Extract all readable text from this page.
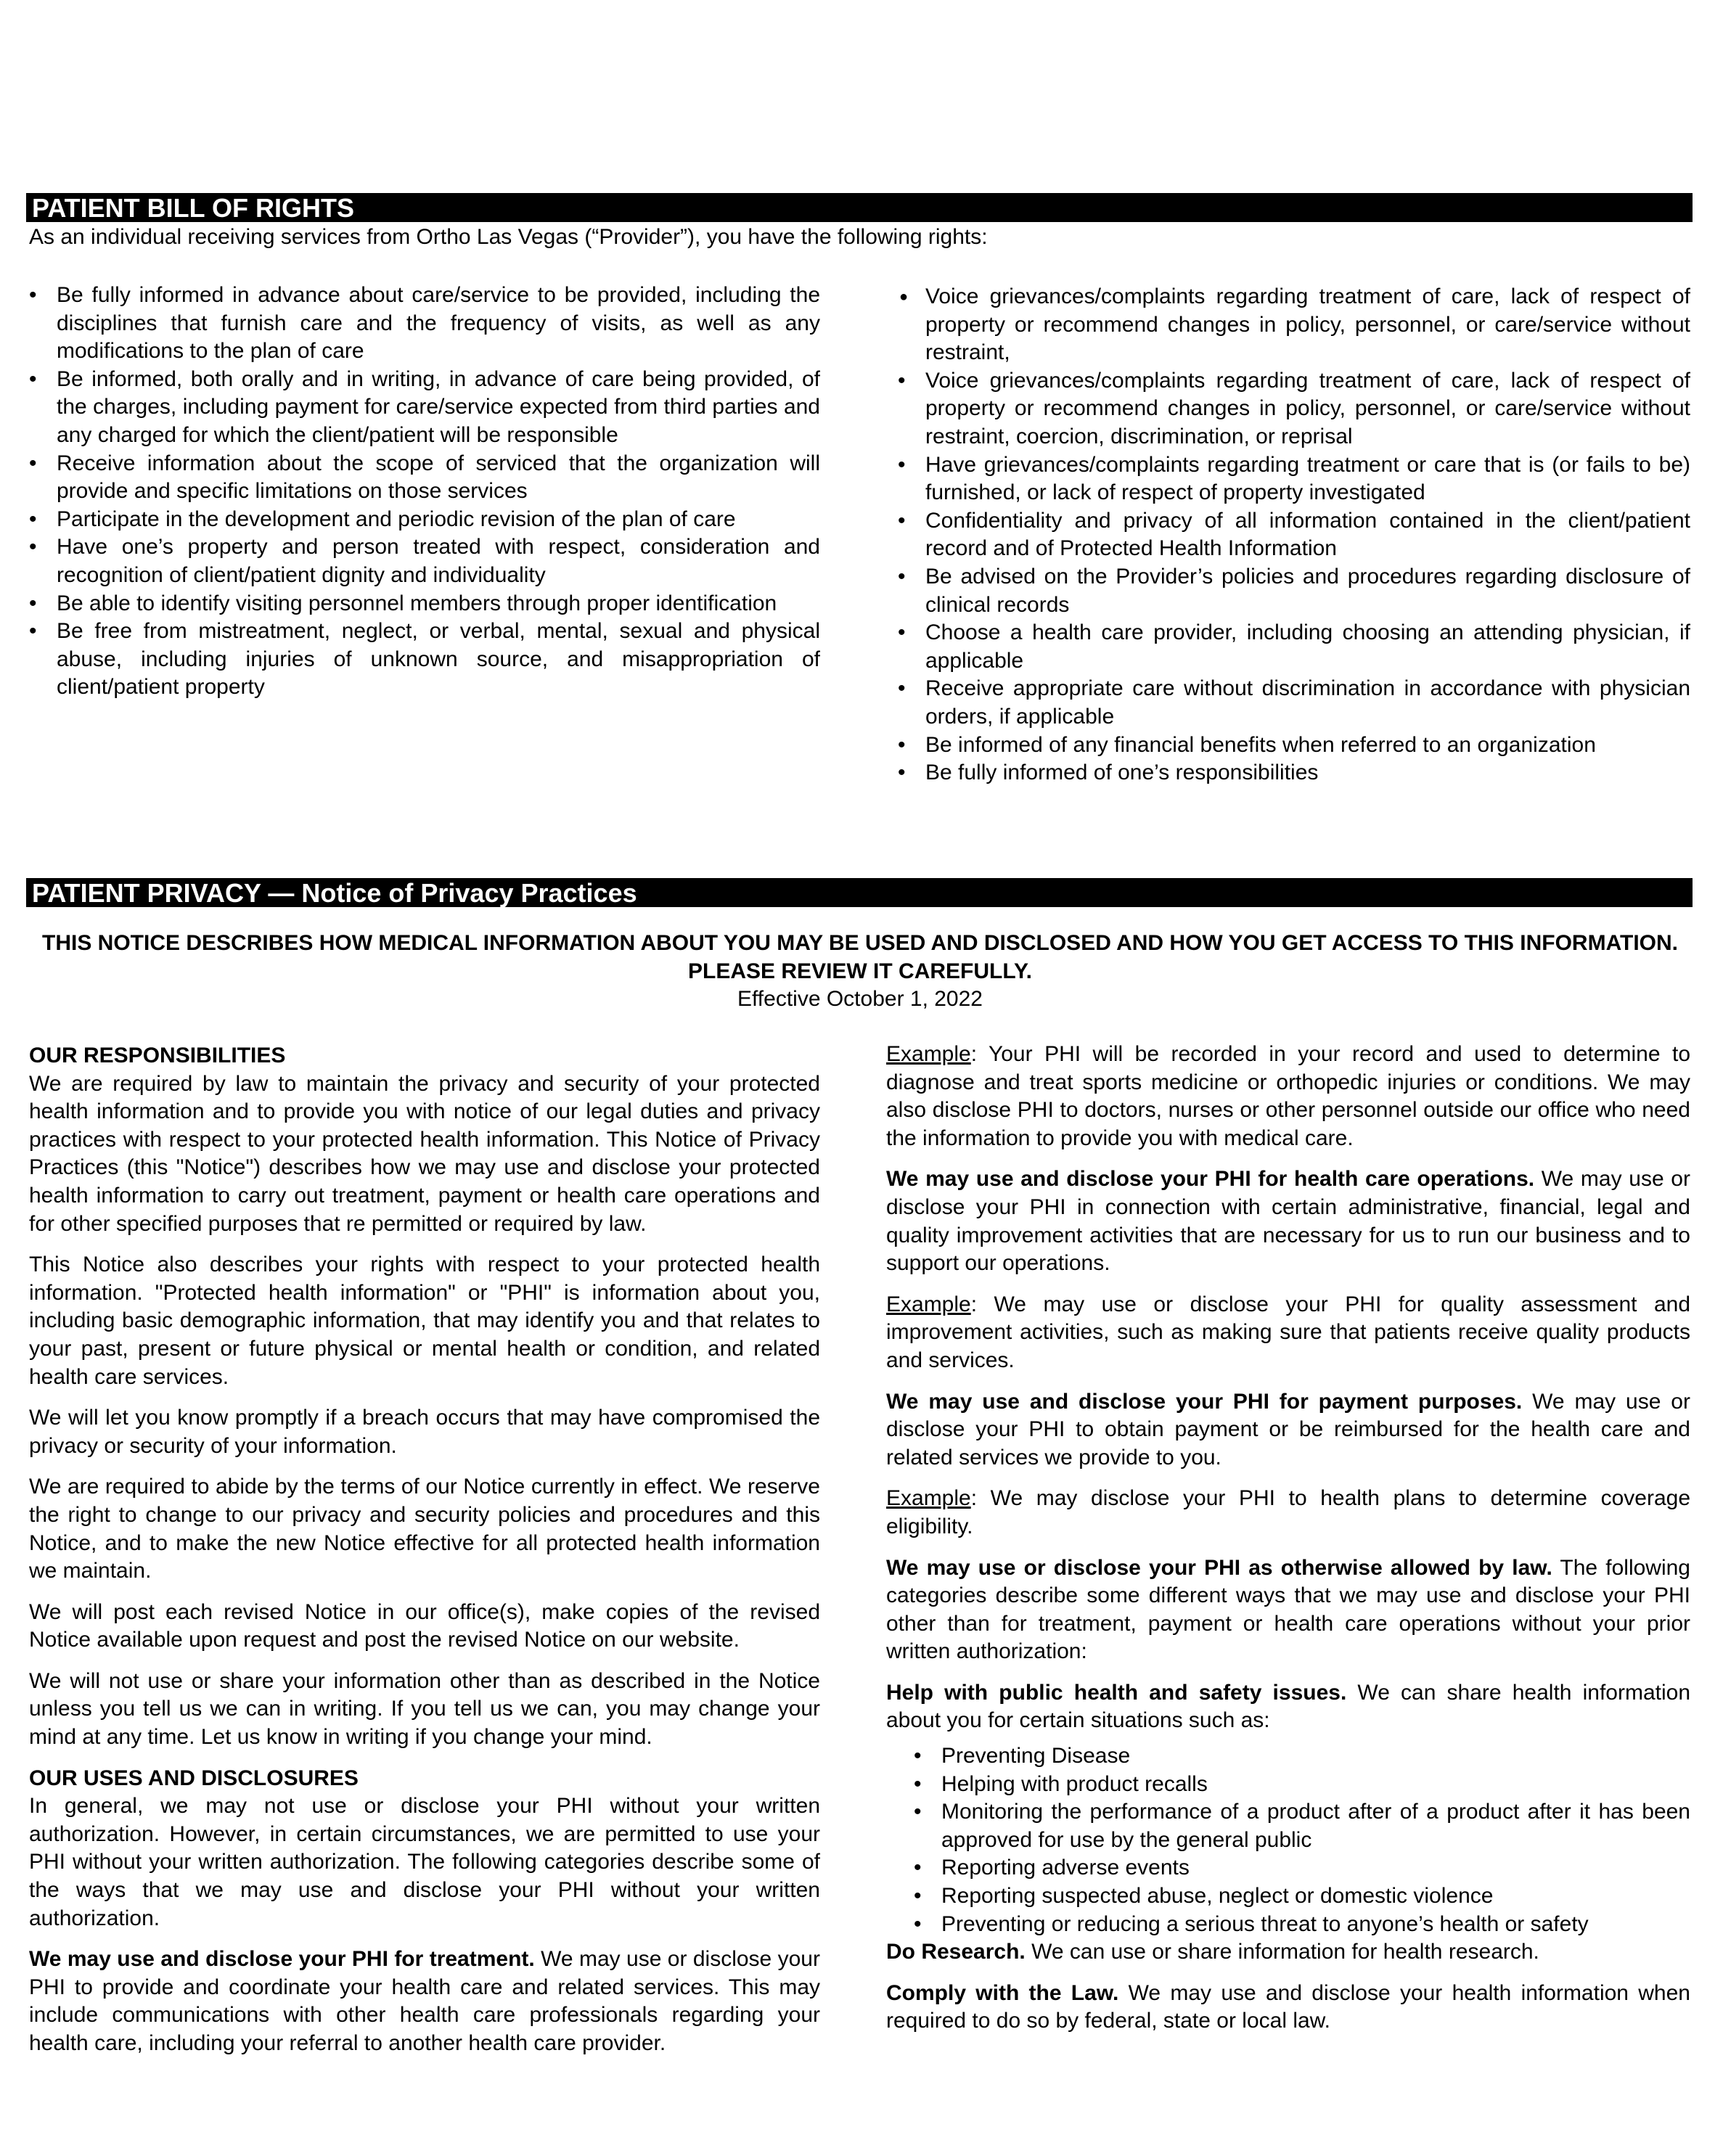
PATIENT BILL OF RIGHTS
As an individual receiving services from Ortho Las Vegas (“Provider”), you have the following rights:
• Be fully informed in advance about care/service to be provided, including the disciplines that furnish care and the frequency of visits, as well as any modifications to the plan of care
• Be informed, both orally and in writing, in advance of care being provided, of the charges, including payment for care/service expected from third parties and any charged for which the client/patient will be responsible
• Receive information about the scope of serviced that the organization will provide and specific limitations on those services
• Participate in the development and periodic revision of the plan of care
• Have one’s property and person treated with respect, consideration and recognition of client/patient dignity and individuality
• Be able to identify visiting personnel members through proper identification
• Be free from mistreatment, neglect, or verbal, mental, sexual and physical abuse, including injuries of unknown source, and misappropriation of client/patient property
● Voice grievances/complaints regarding treatment of care, lack of respect of property or recommend changes in policy, personnel, or care/service without restraint,
• Voice grievances/complaints regarding treatment of care, lack of respect of property or recommend changes in policy, personnel, or care/service without restraint, coercion, discrimination, or reprisal
• Have grievances/complaints regarding treatment or care that is (or fails to be) furnished, or lack of respect of property investigated
• Confidentiality and privacy of all information contained in the client/patient record and of Protected Health Information
• Be advised on the Provider’s policies and procedures regarding disclosure of clinical records
• Choose a health care provider, including choosing an attending physician, if applicable
• Receive appropriate care without discrimination in accordance with physician orders, if applicable
• Be informed of any financial benefits when referred to an organization
• Be fully informed of one’s responsibilities
PATIENT PRIVACY — Notice of Privacy Practices
THIS NOTICE DESCRIBES HOW MEDICAL INFORMATION ABOUT YOU MAY BE USED AND DISCLOSED AND HOW YOU GET ACCESS TO THIS INFORMATION. PLEASE REVIEW IT CAREFULLY.
Effective October 1, 2022

OUR RESPONSIBILITIES
We are required by law to maintain the privacy and security of your protected health information and to provide you with notice of our legal duties and privacy practices with respect to your protected health information. This Notice of Privacy Practices (this "Notice") describes how we may use and disclose your protected health information to carry out treatment, payment or health care operations and for other specified purposes that re permitted or required by law.

This Notice also describes your rights with respect to your protected health information. "Protected health information" or "PHI" is information about you, including basic demographic information, that may identify you and that relates to your past, present or future physical or mental health or condition, and related health care services.

We will let you know promptly if a breach occurs that may have compromised the privacy or security of your information.

We are required to abide by the terms of our Notice currently in effect. We reserve the right to change to our privacy and security policies and procedures and this Notice, and to make the new Notice effective for all protected health information we maintain.

We will post each revised Notice in our office(s), make copies of the revised Notice available upon request and post the revised Notice on our website.

We will not use or share your information other than as described in the Notice unless you tell us we can in writing. If you tell us we can, you may change your mind at any time. Let us know in writing if you change your mind.

OUR USES AND DISCLOSURES
In general, we may not use or disclose your PHI without your written authorization. However, in certain circumstances, we are permitted to use your PHI without your written authorization. The following categories describe some of the ways that we may use and disclose your PHI without your written authorization.

We may use and disclose your PHI for treatment. We may use or disclose your PHI to provide and coordinate your health care and related services. This may include communications with other health care professionals regarding your health care, including your referral to another health care provider.

Example: Your PHI will be recorded in your record and used to determine to diagnose and treat sports medicine or orthopedic injuries or conditions. We may also disclose PHI to doctors, nurses or other personnel outside our office who need the information to provide you with medical care.

We may use and disclose your PHI for health care operations. We may use or disclose your PHI in connection with certain administrative, financial, legal and quality improvement activities that are necessary for us to run our business and to support our operations.

Example: We may use or disclose your PHI for quality assessment and improvement activities, such as making sure that patients receive quality products and services.

We may use and disclose your PHI for payment purposes. We may use or disclose your PHI to obtain payment or be reimbursed for the health care and related services we provide to you.

Example: We may disclose your PHI to health plans to determine coverage eligibility.

We may use or disclose your PHI as otherwise allowed by law. The following categories describe some different ways that we may use and disclose your PHI other than for treatment, payment or health care operations without your prior written authorization:

Help with public health and safety issues. We can share health information about you for certain situations such as:

• Preventing Disease
• Helping with product recalls
• Monitoring the performance of a product after of a product after it has been approved for use by the general public
• Reporting adverse events
• Reporting suspected abuse, neglect or domestic violence
• Preventing or reducing a serious threat to anyone’s health or safety

Do Research. We can use or share information for health research.

Comply with the Law. We may use and disclose your health information when required to do so by federal, state or local law.
